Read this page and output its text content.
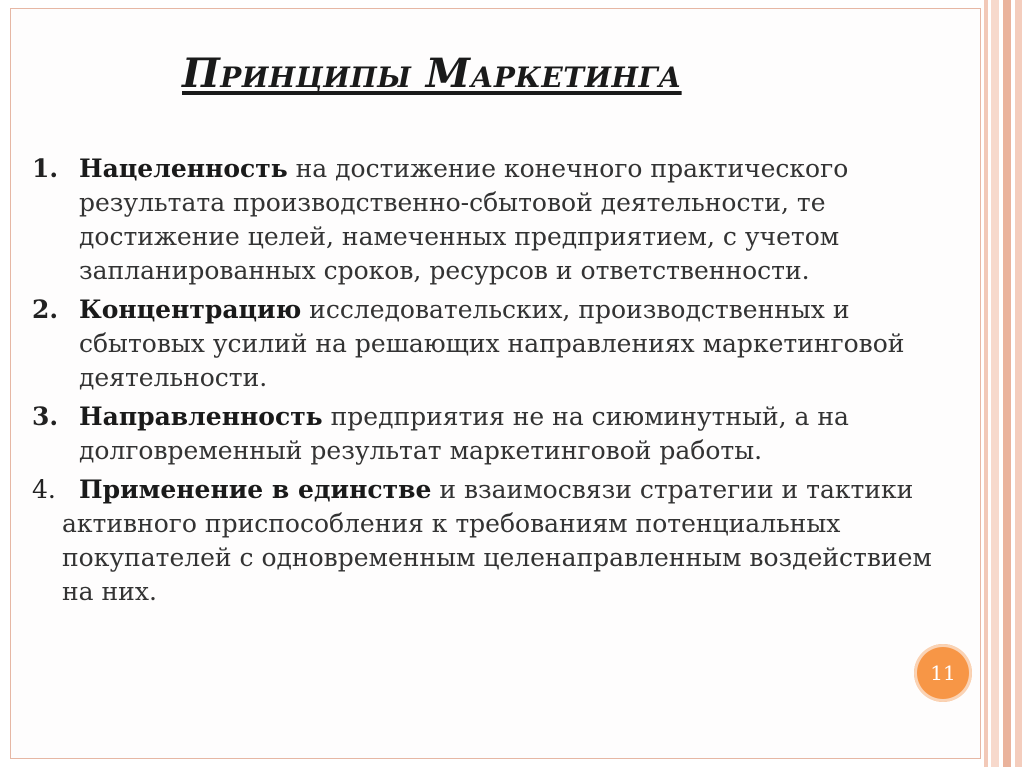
Принципы Маркетинга
1. Нацеленность на достижение конечного практического результата производственно-сбытовой деятельности, те достижение целей, намеченных предприятием, с учетом запланированных сроков, ресурсов и ответственности.
2. Концентрацию исследовательских, производственных и сбытовых усилий на решающих направлениях маркетинговой деятельности.
3. Направленность предприятия не на сиюминутный, а на долговременный результат маркетинговой работы.
4. Применение в единстве и взаимосвязи стратегии и тактики активного приспособления к требованиям потенциальных покупателей с одновременным целенаправленным воздействием на них.
11
